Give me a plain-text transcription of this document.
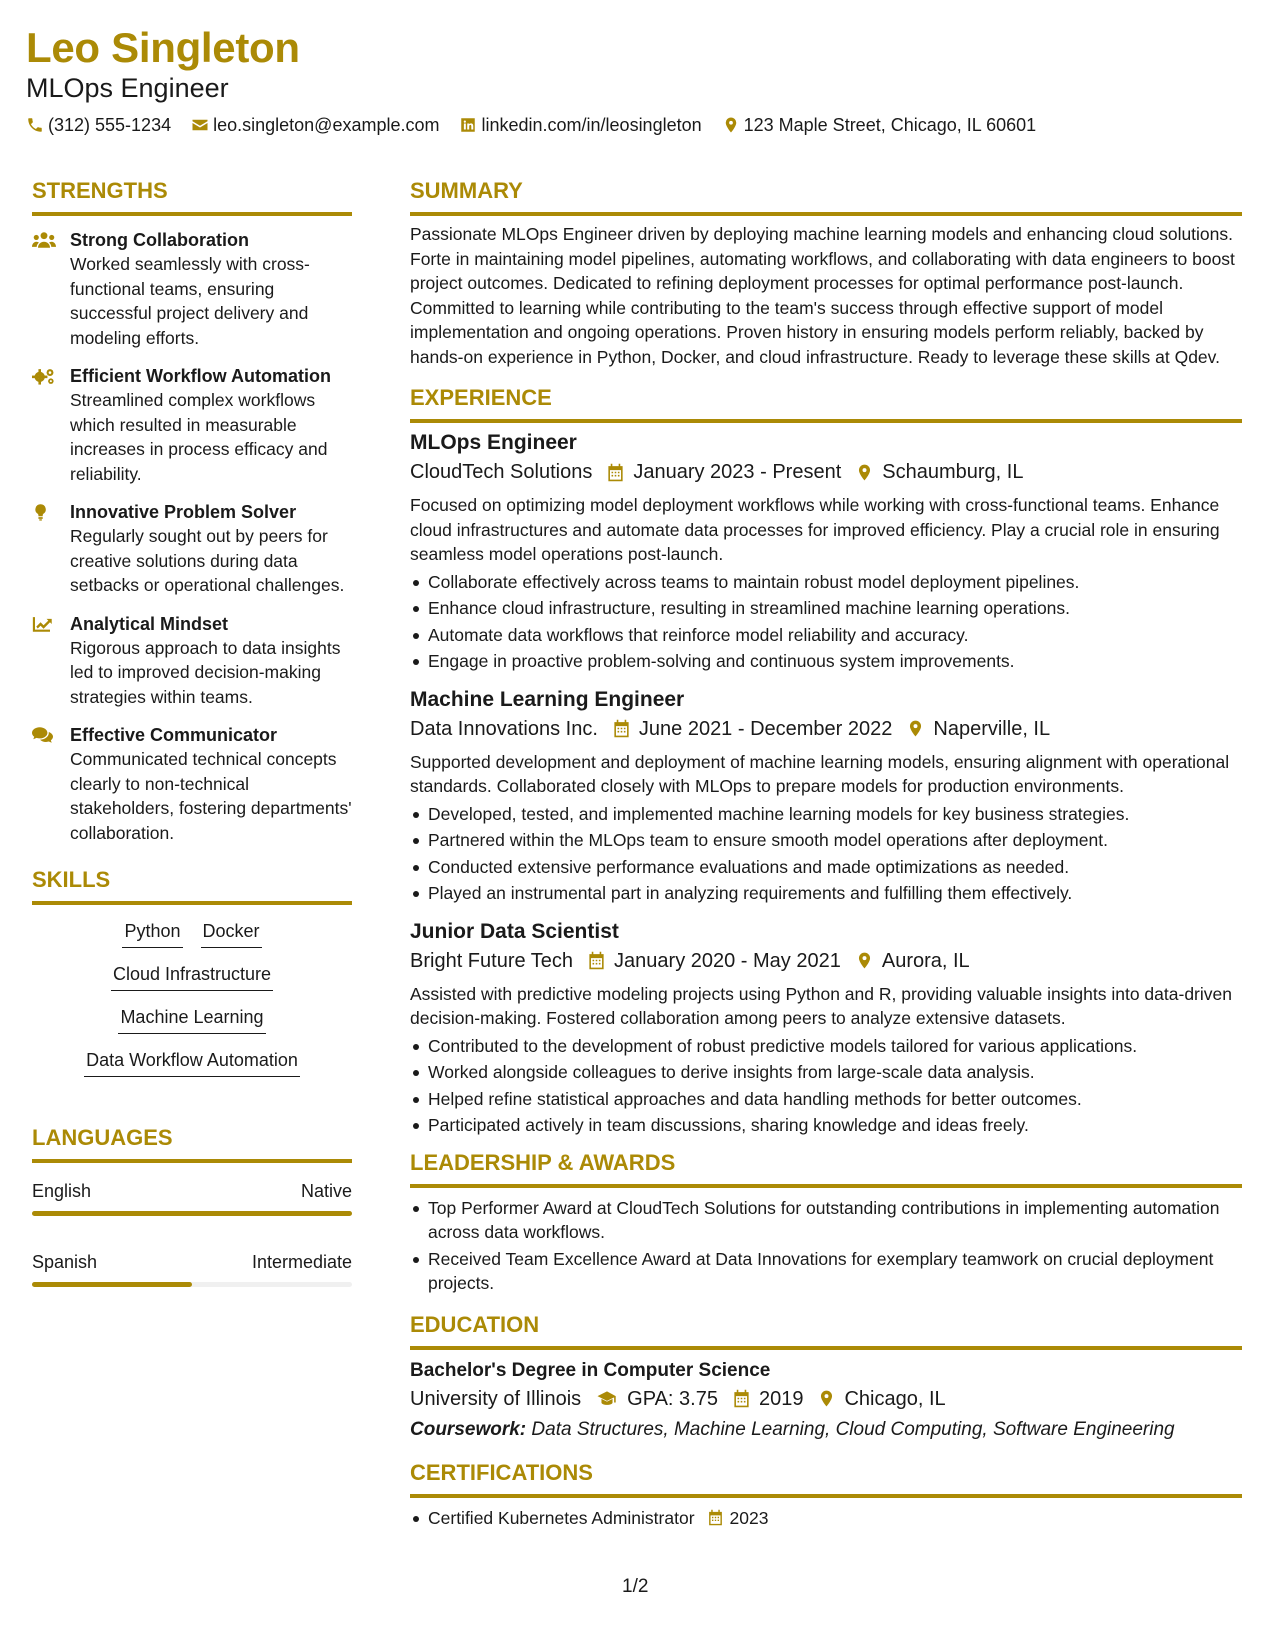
Leo Singleton
MLOps Engineer
(312) 555-1234 leo.singleton@example.com linkedin.com/in/leosingleton 123 Maple Street, Chicago, IL 60601
STRENGTHS
Strong Collaboration
Worked seamlessly with cross-functional teams, ensuring successful project delivery and modeling efforts.
Efficient Workflow Automation
Streamlined complex workflows which resulted in measurable increases in process efficacy and reliability.
Innovative Problem Solver
Regularly sought out by peers for creative solutions during data setbacks or operational challenges.
Analytical Mindset
Rigorous approach to data insights led to improved decision-making strategies within teams.
Effective Communicator
Communicated technical concepts clearly to non-technical stakeholders, fostering departments' collaboration.
SKILLS
Python Docker
Cloud Infrastructure
Machine Learning
Data Workflow Automation
LANGUAGES
English	Native
Spanish	Intermediate
SUMMARY
Passionate MLOps Engineer driven by deploying machine learning models and enhancing cloud solutions. Forte in maintaining model pipelines, automating workflows, and collaborating with data engineers to boost project outcomes. Dedicated to refining deployment processes for optimal performance post-launch. Committed to learning while contributing to the team's success through effective support of model implementation and ongoing operations. Proven history in ensuring models perform reliably, backed by hands-on experience in Python, Docker, and cloud infrastructure. Ready to leverage these skills at Qdev.
EXPERIENCE
MLOps Engineer
CloudTech Solutions January 2023 - Present Schaumburg, IL
Focused on optimizing model deployment workflows while working with cross-functional teams. Enhance cloud infrastructures and automate data processes for improved efficiency. Play a crucial role in ensuring seamless model operations post-launch.
Collaborate effectively across teams to maintain robust model deployment pipelines.
Enhance cloud infrastructure, resulting in streamlined machine learning operations.
Automate data workflows that reinforce model reliability and accuracy.
Engage in proactive problem-solving and continuous system improvements.
Machine Learning Engineer
Data Innovations Inc. June 2021 - December 2022 Naperville, IL
Supported development and deployment of machine learning models, ensuring alignment with operational standards. Collaborated closely with MLOps to prepare models for production environments.
Developed, tested, and implemented machine learning models for key business strategies.
Partnered within the MLOps team to ensure smooth model operations after deployment.
Conducted extensive performance evaluations and made optimizations as needed.
Played an instrumental part in analyzing requirements and fulfilling them effectively.
Junior Data Scientist
Bright Future Tech January 2020 - May 2021 Aurora, IL
Assisted with predictive modeling projects using Python and R, providing valuable insights into data-driven decision-making. Fostered collaboration among peers to analyze extensive datasets.
Contributed to the development of robust predictive models tailored for various applications.
Worked alongside colleagues to derive insights from large-scale data analysis.
Helped refine statistical approaches and data handling methods for better outcomes.
Participated actively in team discussions, sharing knowledge and ideas freely.
LEADERSHIP & AWARDS
Top Performer Award at CloudTech Solutions for outstanding contributions in implementing automation across data workflows.
Received Team Excellence Award at Data Innovations for exemplary teamwork on crucial deployment projects.
EDUCATION
Bachelor's Degree in Computer Science
University of Illinois GPA: 3.75 2019 Chicago, IL
Coursework: Data Structures, Machine Learning, Cloud Computing, Software Engineering
CERTIFICATIONS
Certified Kubernetes Administrator 2023
1/2
